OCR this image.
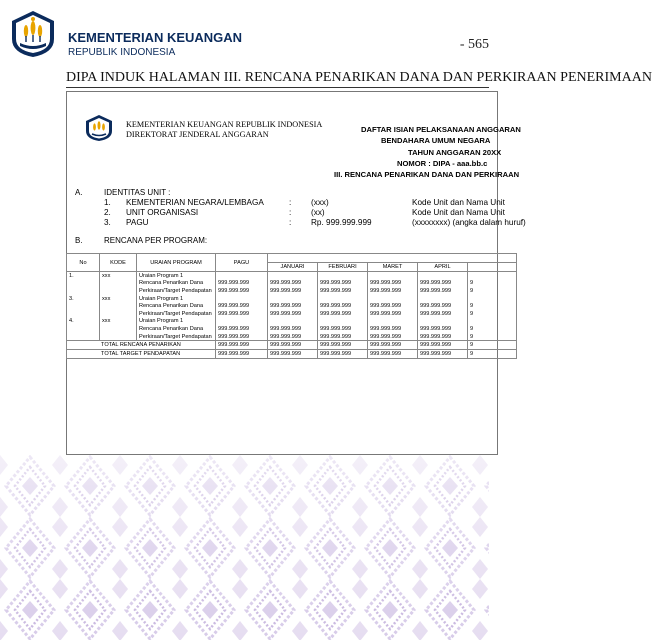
KEMENTERIAN KEUANGAN
REPUBLIK INDONESIA
- 565
DIPA INDUK HALAMAN III. RENCANA PENARIKAN DANA DAN PERKIRAAN PENERIMAAN
KEMENTERIAN KEUANGAN REPUBLIK INDONESIA
DIREKTORAT JENDERAL ANGGARAN	DAFTAR ISIAN PELAKSANAAN ANGGARAN
BENDAHARA UMUM NEGARA
TAHUN ANGGARAN 20XX
NOMOR : DIPA - aaa.bb.c
III. RENCANA PENARIKAN DANA DAN PERKIRAAN
A.	IDENTITAS UNIT :
1. KEMENTERIAN NEGARA/LEMBAGA	: (xxx)	Kode Unit dan Nama Unit
2. UNIT ORGANISASI	: (xx)	Kode Unit dan Nama Unit
3. PAGU	: Rp. 999.999.999	(xxxxxxxx) (angka dalam huruf)
B.	RENCANA PER PROGRAM:
No	KODE	URAIAN PROGRAM	PAGU					
				JANUARI	FEBRUARI	MARET	APRIL	
1.	xxx	Uraian Program 1						
		Rencana Penarikan Dana	999.999.999	999.999.999	999.999.999	999.999.999	999.999.999	9
		Perkiraan/Target Pendapatan	999.999.999	999.999.999	999.999.999	999.999.999	999.999.999	9
3.	xxx	Uraian Program 1						
		Rencana Penarikan Dana	999.999.999	999.999.999	999.999.999	999.999.999	999.999.999	9
		Perkiraan/Target Pendapatan	999.999.999	999.999.999	999.999.999	999.999.999	999.999.999	9
4.	xxx	Uraian Program 1						
		Rencana Penarikan Dana	999.999.999	999.999.999	999.999.999	999.999.999	999.999.999	9
		Perkiraan/Target Pendapatan	999.999.999	999.999.999	999.999.999	999.999.999	999.999.999	9
TOTAL RENCANA PENARIKAN			999.999.999	999.999.999	999.999.999	999.999.999	999.999.999	9
TOTAL TARGET PENDAPATAN			999.999.999	999.999.999	999.999.999	999.999.999	999.999.999	9
